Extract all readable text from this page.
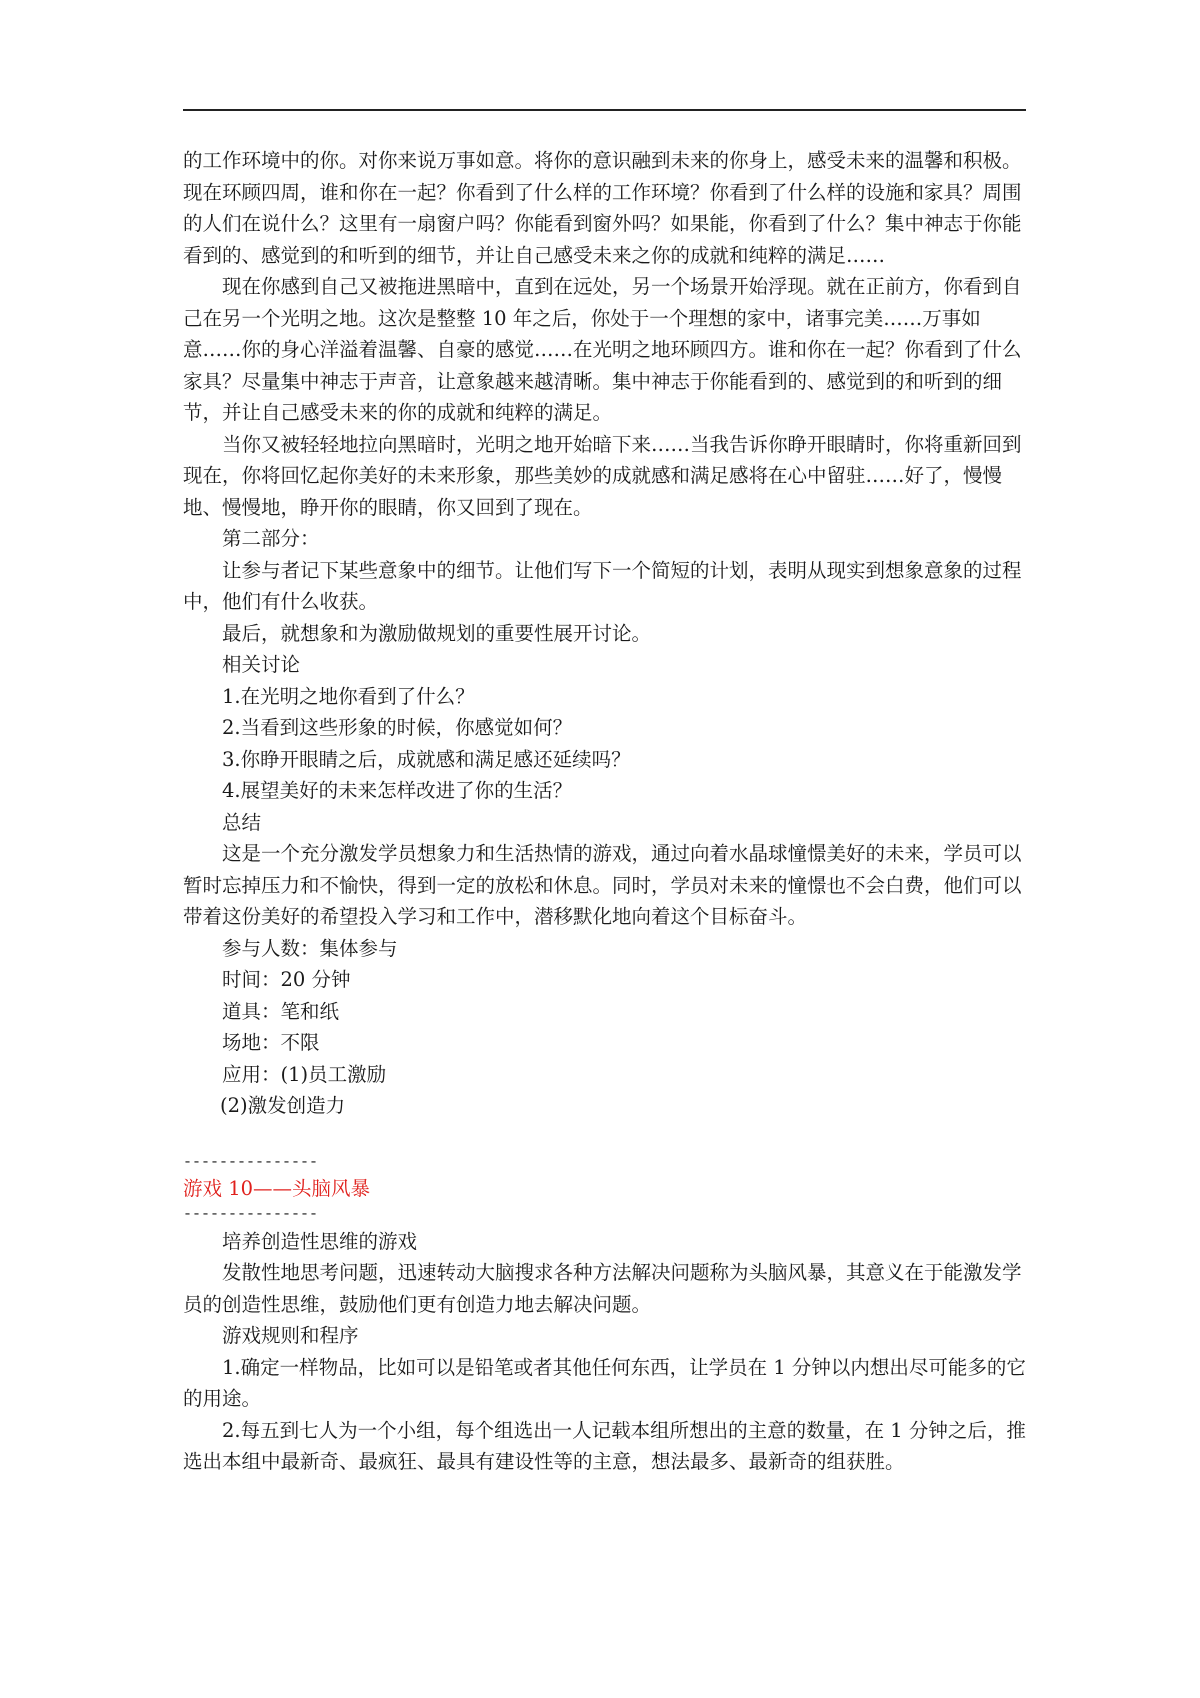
的工作环境中的你。对你来说万事如意。将你的意识融到未来的你身上，感受未来的温馨和积极。现在环顾四周，谁和你在一起？你看到了什么样的工作环境？你看到了什么样的设施和家具？周围的人们在说什么？这里有一扇窗户吗？你能看到窗外吗？如果能，你看到了什么？集中神志于你能看到的、感觉到的和听到的细节，并让自己感受未来之你的成就和纯粹的满足……

现在你感到自己又被拖进黑暗中，直到在远处，另一个场景开始浮现。就在正前方，你看到自己在另一个光明之地。这次是整整 10 年之后，你处于一个理想的家中，诸事完美……万事如意……你的身心洋溢着温馨、自豪的感觉……在光明之地环顾四方。谁和你在一起？你看到了什么家具？尽量集中神志于声音，让意象越来越清晰。集中神志于你能看到的、感觉到的和听到的细节，并让自己感受未来的你的成就和纯粹的满足。

当你又被轻轻地拉向黑暗时，光明之地开始暗下来……当我告诉你睁开眼睛时，你将重新回到现在，你将回忆起你美好的未来形象，那些美妙的成就感和满足感将在心中留驻……好了，慢慢地、慢慢地，睁开你的眼睛，你又回到了现在。

第二部分：

让参与者记下某些意象中的细节。让他们写下一个简短的计划，表明从现实到想象意象的过程中，他们有什么收获。

最后，就想象和为激励做规划的重要性展开讨论。

相关讨论

1.在光明之地你看到了什么？

2.当看到这些形象的时候，你感觉如何？

3.你睁开眼睛之后，成就感和满足感还延续吗？

4.展望美好的未来怎样改进了你的生活？

总结

这是一个充分激发学员想象力和生活热情的游戏，通过向着水晶球憧憬美好的未来，学员可以暂时忘掉压力和不愉快，得到一定的放松和休息。同时，学员对未来的憧憬也不会白费，他们可以带着这份美好的希望投入学习和工作中，潜移默化地向着这个目标奋斗。

参与人数：集体参与

时间：20 分钟

道具：笔和纸

场地：不限

应用：(1)员工激励

(2)激发创造力

---------------

游戏 10——头脑风暴

---------------

培养创造性思维的游戏

发散性地思考问题，迅速转动大脑搜求各种方法解决问题称为头脑风暴，其意义在于能激发学员的创造性思维，鼓励他们更有创造力地去解决问题。

游戏规则和程序

1.确定一样物品，比如可以是铅笔或者其他任何东西，让学员在 1 分钟以内想出尽可能多的它的用途。

2.每五到七人为一个小组，每个组选出一人记载本组所想出的主意的数量，在 1 分钟之后，推选出本组中最新奇、最疯狂、最具有建设性等的主意，想法最多、最新奇的组获胜。
